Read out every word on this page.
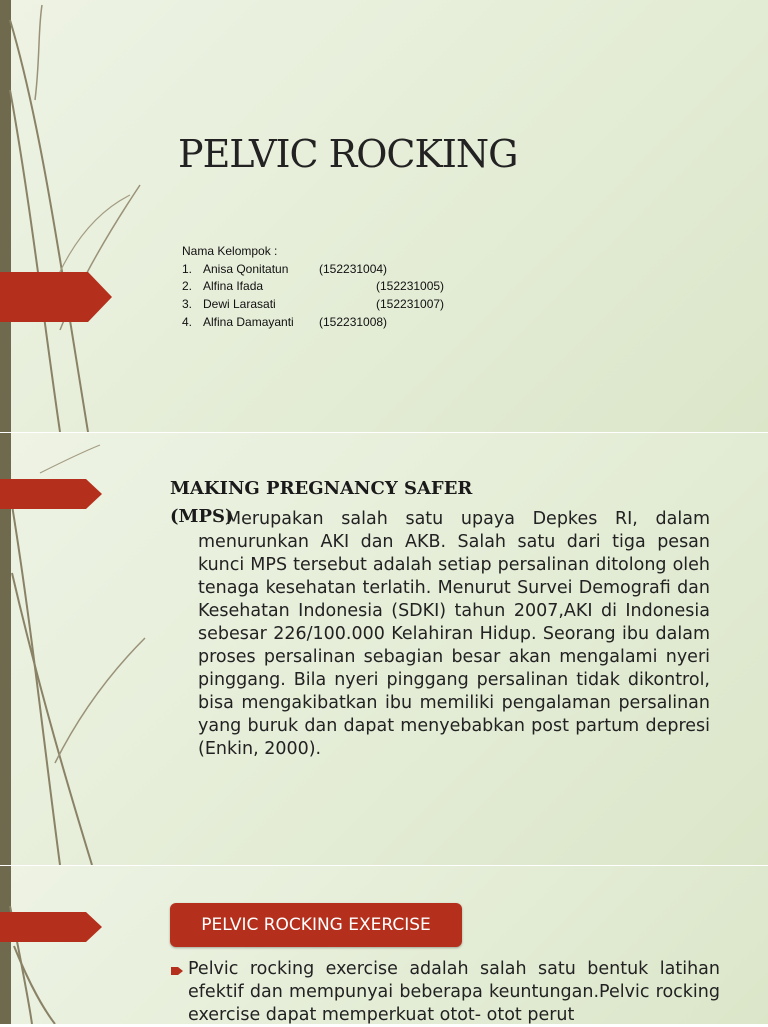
PELVIC ROCKING
Nama Kelompok :
1. Anisa Qonitatun	(152231004)
2. Alfina Ifada	(152231005)
3. Dewi Larasati	(152231007)
4. Alfina Damayanti (152231008)
MAKING PREGNANCY SAFER
(MPS)

Merupakan salah satu upaya Depkes RI, dalam menurunkan AKI dan AKB. Salah satu dari tiga pesan kunci MPS tersebut adalah setiap persalinan ditolong oleh tenaga kesehatan terlatih. Menurut Survei Demografi dan Kesehatan Indonesia (SDKI) tahun 2007,AKI di Indonesia sebesar 226/100.000 Kelahiran Hidup. Seorang ibu dalam proses persalinan sebagian besar akan mengalami nyeri pinggang. Bila nyeri pinggang persalinan tidak dikontrol, bisa mengakibatkan ibu memiliki pengalaman persalinan yang buruk dan dapat menyebabkan post partum depresi (Enkin, 2000).

PELVIC ROCKING EXERCISE

Pelvic rocking exercise adalah salah satu bentuk latihan efektif dan mempunyai beberapa keuntungan.Pelvic rocking exercise dapat memperkuat otot- otot perut
